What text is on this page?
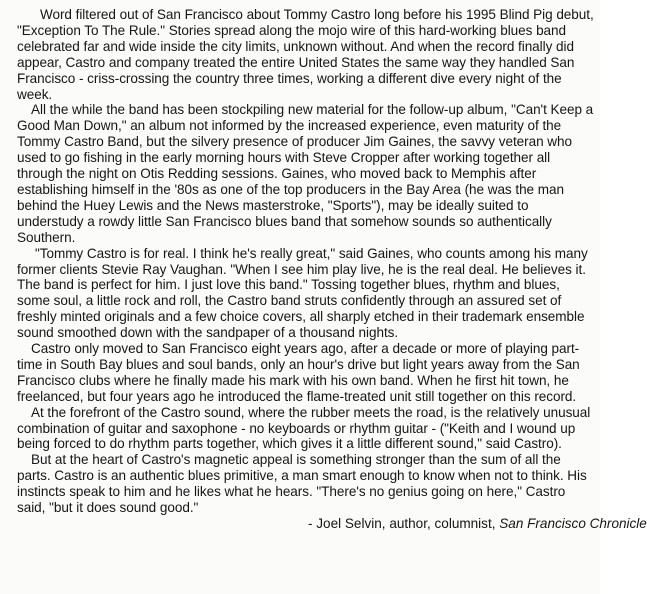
Word filtered out of San Francisco about Tommy Castro long before his 1995 Blind Pig debut, "Exception To The Rule." Stories spread along the mojo wire of this hard-working blues band celebrated far and wide inside the city limits, unknown without. And when the record finally did appear, Castro and company treated the entire United States the same way they handled San Francisco - criss-crossing the country three times, working a different dive every night of the week.

All the while the band has been stockpiling new material for the follow-up album, "Can't Keep a Good Man Down," an album not informed by the increased experience, even maturity of the Tommy Castro Band, but the silvery presence of producer Jim Gaines, the savvy veteran who used to go fishing in the early morning hours with Steve Cropper after working together all through the night on Otis Redding sessions. Gaines, who moved back to Memphis after establishing himself in the '80s as one of the top producers in the Bay Area (he was the man behind the Huey Lewis and the News masterstroke, "Sports"), may be ideally suited to understudy a rowdy little San Francisco blues band that somehow sounds so authentically Southern.

"Tommy Castro is for real. I think he's really great," said Gaines, who counts among his many former clients Stevie Ray Vaughan. "When I see him play live, he is the real deal. He believes it. The band is perfect for him. I just love this band." Tossing together blues, rhythm and blues, some soul, a little rock and roll, the Castro band struts confidently through an assured set of freshly minted originals and a few choice covers, all sharply etched in their trademark ensemble sound smoothed down with the sandpaper of a thousand nights.

Castro only moved to San Francisco eight years ago, after a decade or more of playing part-time in South Bay blues and soul bands, only an hour's drive but light years away from the San Francisco clubs where he finally made his mark with his own band. When he first hit town, he freelanced, but four years ago he introduced the flame-treated unit still together on this record.

At the forefront of the Castro sound, where the rubber meets the road, is the relatively unusual combination of guitar and saxophone - no keyboards or rhythm guitar - ("Keith and I wound up being forced to do rhythm parts together, which gives it a little different sound," said Castro).

But at the heart of Castro's magnetic appeal is something stronger than the sum of all the parts. Castro is an authentic blues primitive, a man smart enough to know when not to think. His instincts speak to him and he likes what he hears. "There's no genius going on here," Castro said, "but it does sound good."

- Joel Selvin, author, columnist, San Francisco Chronicle
